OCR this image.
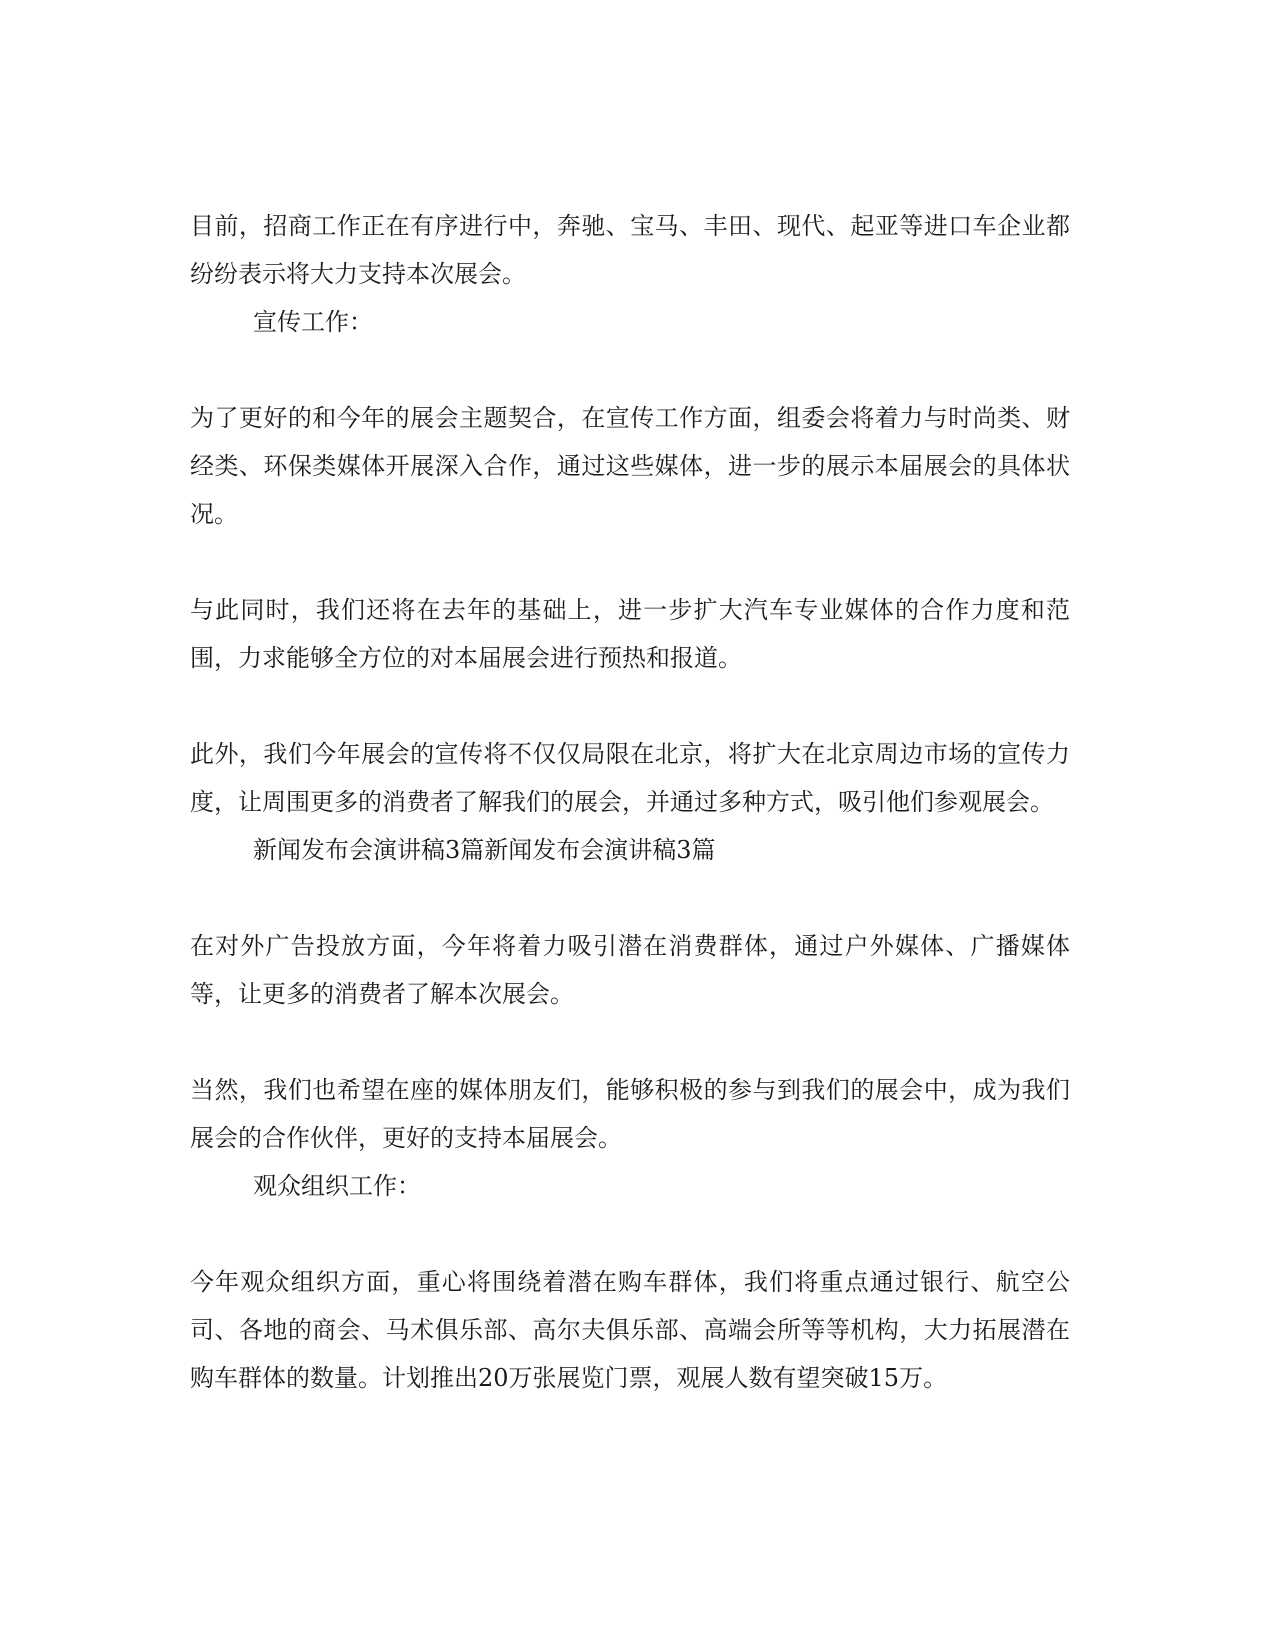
目前，招商工作正在有序进行中，奔驰、宝马、丰田、现代、起亚等进口车企业都纷纷表示将大力支持本次展会。

宣传工作：

为了更好的和今年的展会主题契合，在宣传工作方面，组委会将着力与时尚类、财经类、环保类媒体开展深入合作，通过这些媒体，进一步的展示本届展会的具体状况。

与此同时，我们还将在去年的基础上，进一步扩大汽车专业媒体的合作力度和范围，力求能够全方位的对本届展会进行预热和报道。

此外，我们今年展会的宣传将不仅仅局限在北京，将扩大在北京周边市场的宣传力度，让周围更多的消费者了解我们的展会，并通过多种方式，吸引他们参观展会。

新闻发布会演讲稿3篇新闻发布会演讲稿3篇

在对外广告投放方面，今年将着力吸引潜在消费群体，通过户外媒体、广播媒体等，让更多的消费者了解本次展会。

当然，我们也希望在座的媒体朋友们，能够积极的参与到我们的展会中，成为我们展会的合作伙伴，更好的支持本届展会。

观众组织工作：

今年观众组织方面，重心将围绕着潜在购车群体，我们将重点通过银行、航空公司、各地的商会、马术俱乐部、高尔夫俱乐部、高端会所等等机构，大力拓展潜在购车群体的数量。计划推出20万张展览门票，观展人数有望突破15万。
